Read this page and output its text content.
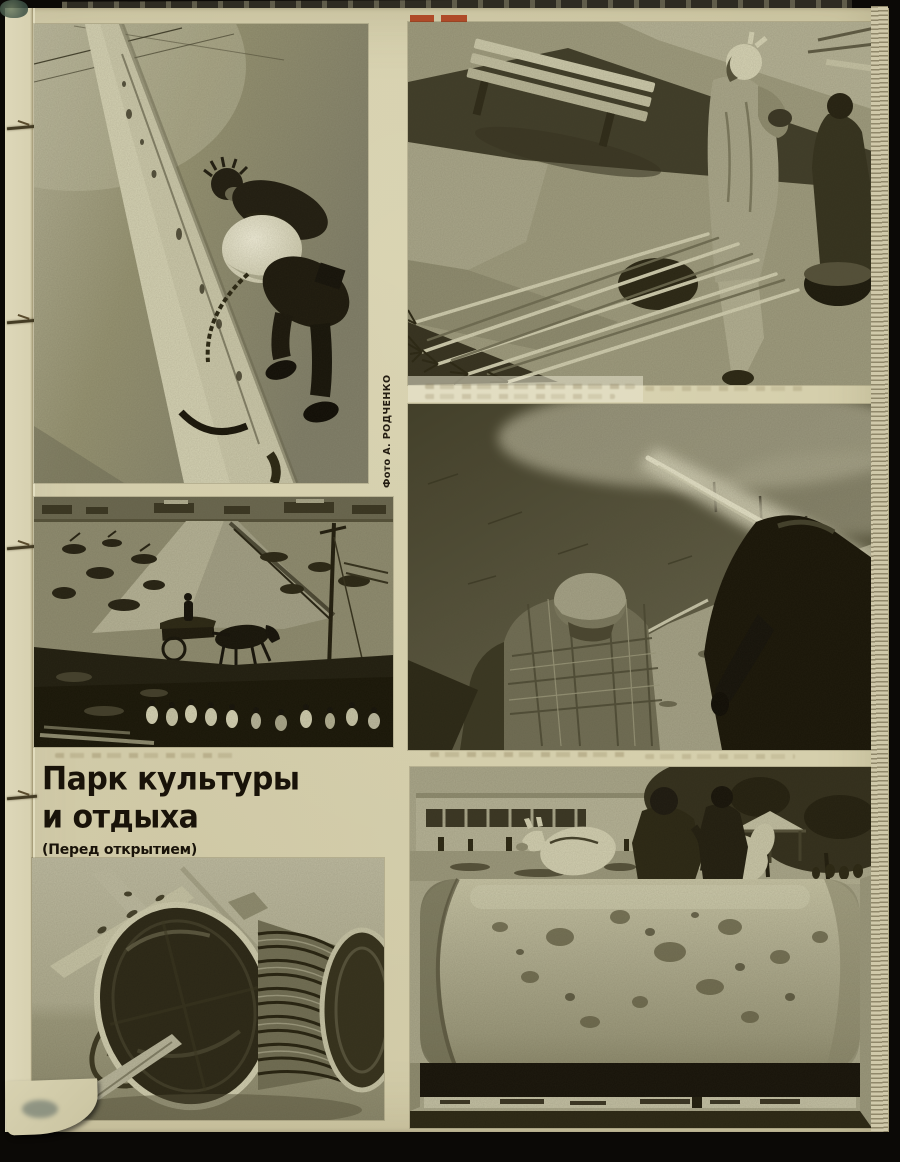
Парк культуры
и отдыха
(Перед открытием)
Фото А. РОДЧЕНКО
